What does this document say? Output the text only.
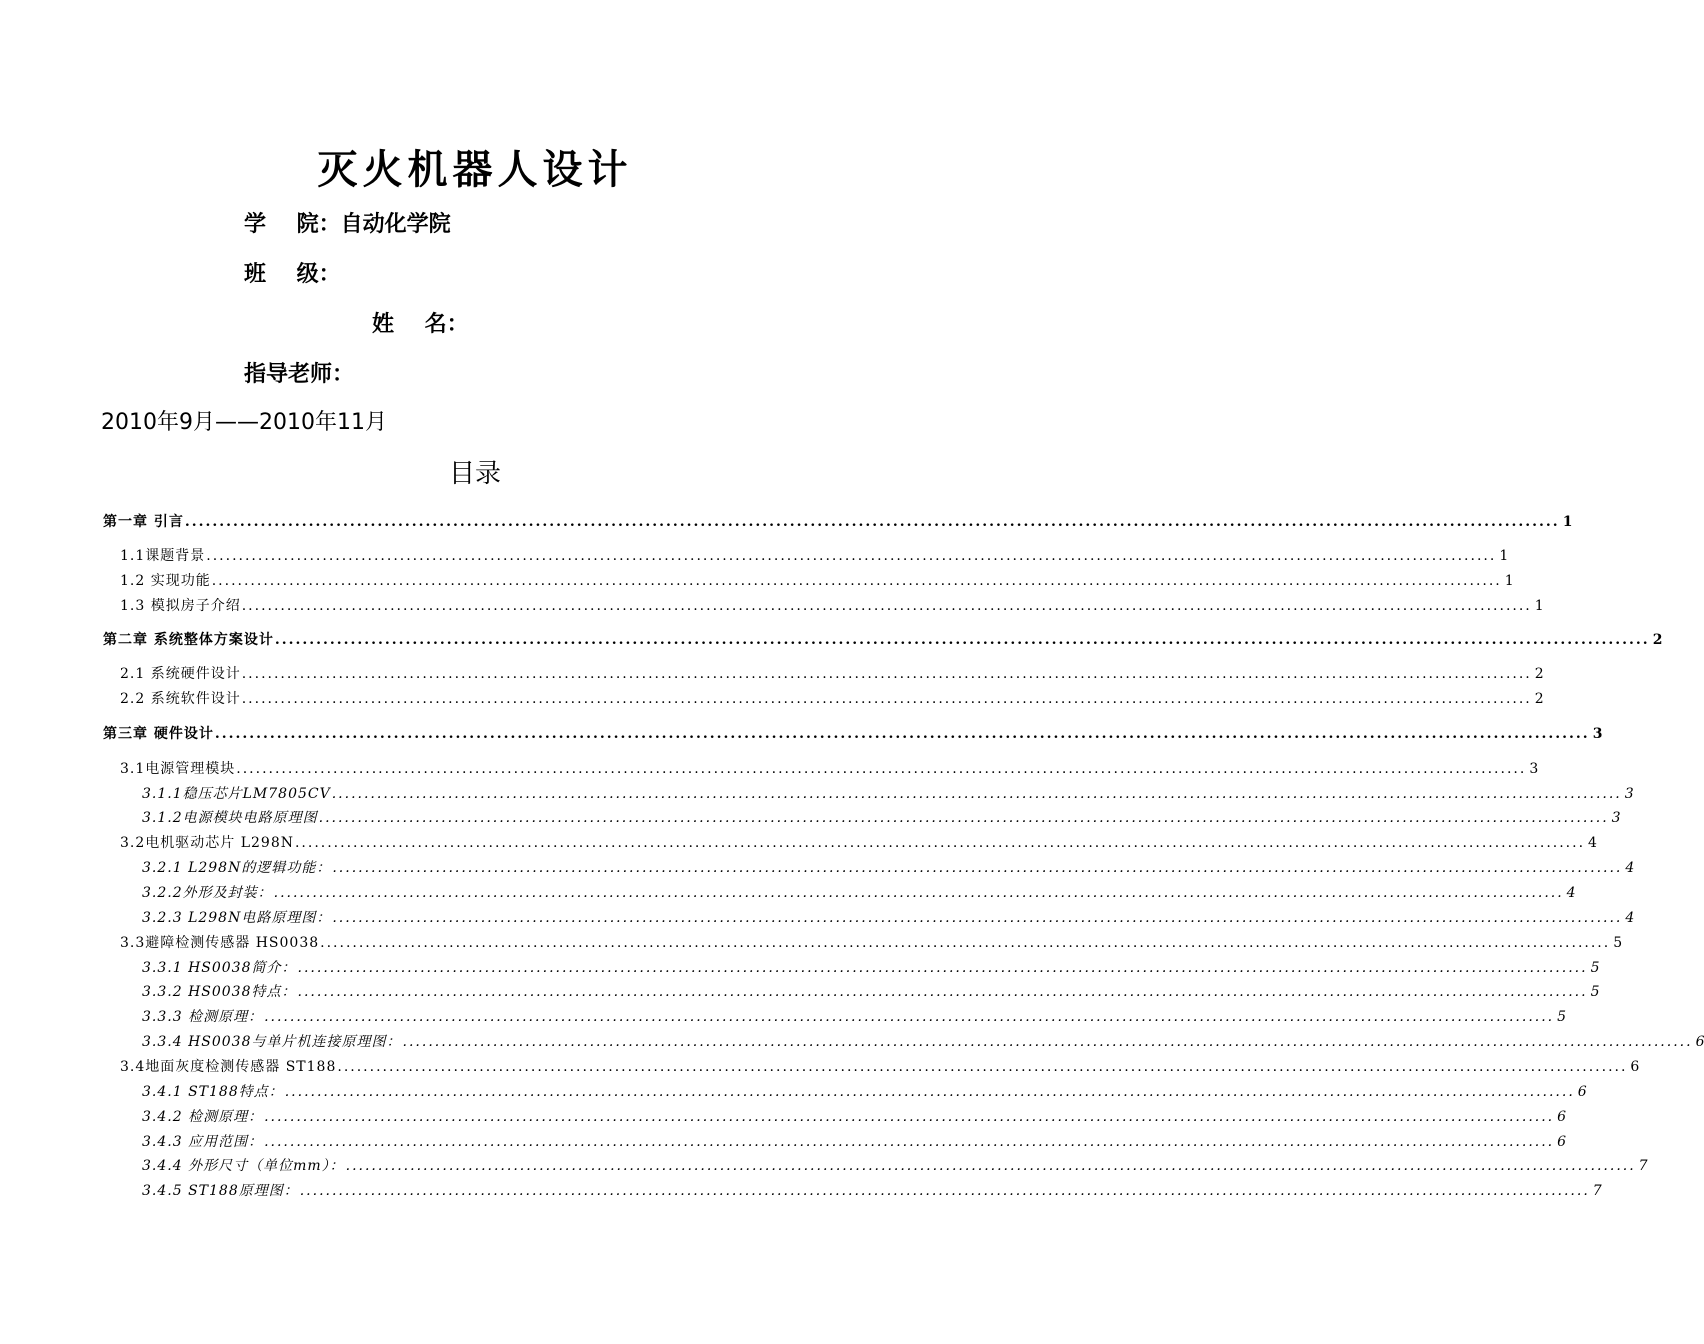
灭火机器人设计
学    院：自动化学院
班    级：
姓    名：
指导老师：
2010年9月——2010年11月
目录
第一章 引言 ........................................................................................................................................................................................................ 1
1.1课题背景 ........................................................................................................................................................................................................ 1
1.2 实现功能 ........................................................................................................................................................................................................ 1
1.3 模拟房子介绍 ........................................................................................................................................................................................................ 1
第二章 系统整体方案设计 ........................................................................................................................................................................................................ 2
2.1 系统硬件设计 ........................................................................................................................................................................................................ 2
2.2 系统软件设计 ........................................................................................................................................................................................................ 2
第三章 硬件设计 ........................................................................................................................................................................................................ 3
3.1电源管理模块 ........................................................................................................................................................................................................ 3
3.1.1稳压芯片LM7805CV ........................................................................................................................................................................................................ 3
3.1.2电源模块电路原理图 ........................................................................................................................................................................................................ 3
3.2电机驱动芯片 L298N ........................................................................................................................................................................................................ 4
3.2.1 L298N的逻辑功能： ........................................................................................................................................................................................................ 4
3.2.2外形及封装： ........................................................................................................................................................................................................ 4
3.2.3 L298N电路原理图： ........................................................................................................................................................................................................ 4
3.3避障检测传感器 HS0038 ........................................................................................................................................................................................................ 5
3.3.1 HS0038简介： ........................................................................................................................................................................................................ 5
3.3.2 HS0038特点： ........................................................................................................................................................................................................ 5
3.3.3 检测原理： ........................................................................................................................................................................................................ 5
3.3.4 HS0038与单片机连接原理图： ........................................................................................................................................................................................................ 6
3.4地面灰度检测传感器 ST188 ........................................................................................................................................................................................................ 6
3.4.1 ST188特点： ........................................................................................................................................................................................................ 6
3.4.2 检测原理： ........................................................................................................................................................................................................ 6
3.4.3 应用范围： ........................................................................................................................................................................................................ 6
3.4.4 外形尺寸（单位mm）： ........................................................................................................................................................................................................ 7
3.4.5 ST188原理图： ........................................................................................................................................................................................................ 7
